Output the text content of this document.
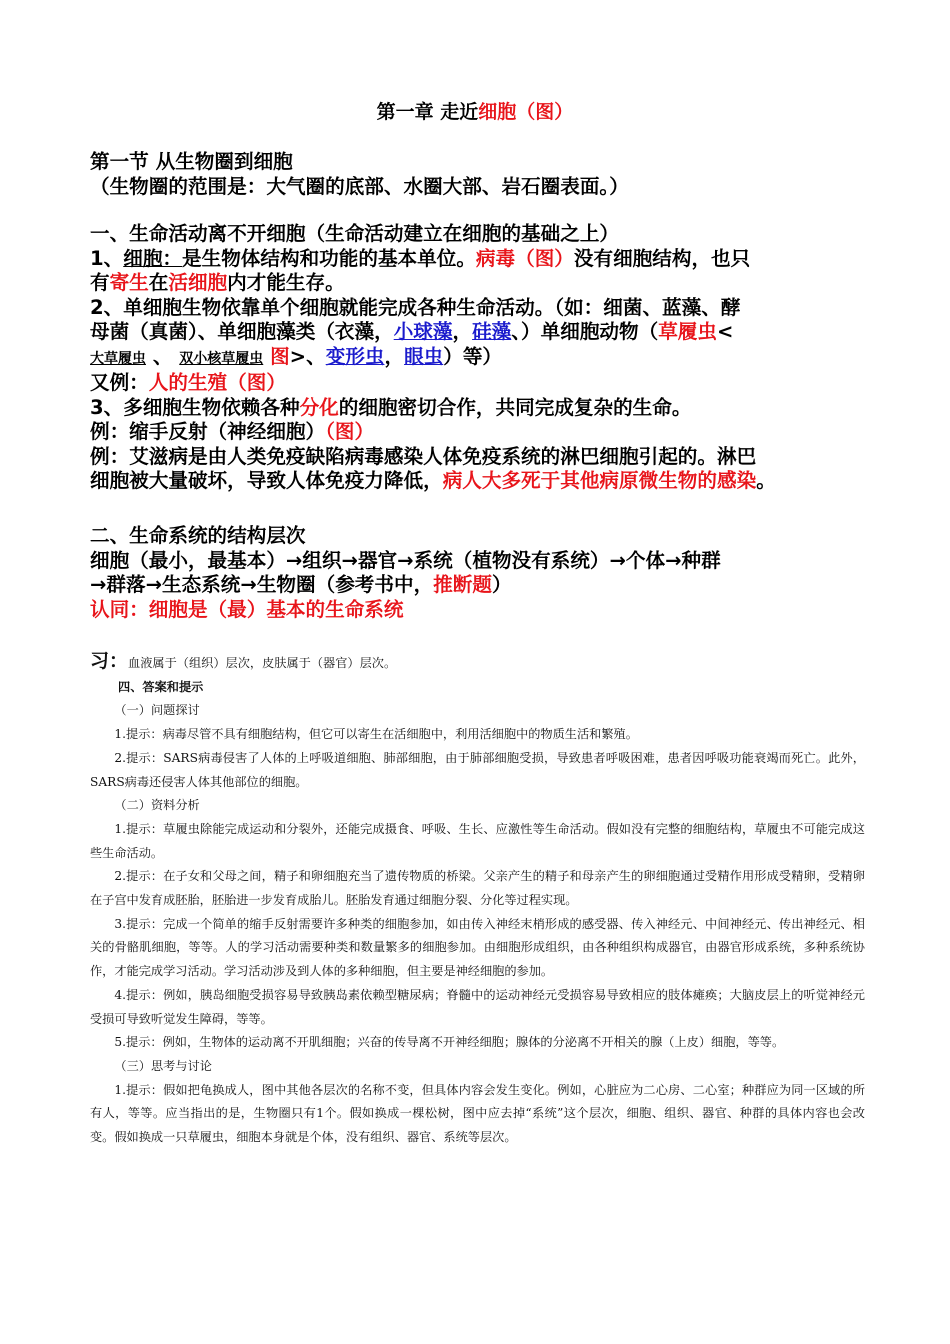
第一章 走近细胞（图）
第一节 从生物圈到细胞
（生物圈的范围是：大气圈的底部、水圈大部、岩石圈表面。）
一、生命活动离不开细胞（生命活动建立在细胞的基础之上）
1、细胞：是生物体结构和功能的基本单位。病毒（图）没有细胞结构，也只
有寄生在活细胞内才能生存。
2、单细胞生物依靠单个细胞就能完成各种生命活动。（如：细菌、蓝藻、酵
母菌（真菌）、单细胞藻类（衣藻，小球藻，硅藻、）单细胞动物（草履虫<
大草履虫 、 双小核草履虫 图>、变形虫，眼虫）等）
又例：人的生殖（图）
3、多细胞生物依赖各种分化的细胞密切合作，共同完成复杂的生命。
例：缩手反射（神经细胞）（图）
例：艾滋病是由人类免疫缺陷病毒感染人体免疫系统的淋巴细胞引起的。淋巴
细胞被大量破坏，导致人体免疫力降低，病人大多死于其他病原微生物的感染。
二、生命系统的结构层次
细胞（最小，最基本）→组织→器官→系统（植物没有系统）→个体→种群
→群落→生态系统→生物圈（参考书中，推断题）
认同：细胞是（最）基本的生命系统

习：血液属于（组织）层次，皮肤属于（器官）层次。

四、答案和提示

（一）问题探讨

1.提示：病毒尽管不具有细胞结构，但它可以寄生在活细胞中，利用活细胞中的物质生活和繁殖。

2.提示：SARS病毒侵害了人体的上呼吸道细胞、肺部细胞，由于肺部细胞受损，导致患者呼吸困难，患者因呼吸功能衰竭而死亡。此外，SARS病毒还侵害人体其他部位的细胞。

（二）资料分析

1.提示：草履虫除能完成运动和分裂外，还能完成摄食、呼吸、生长、应激性等生命活动。假如没有完整的细胞结构，草履虫不可能完成这些生命活动。

2.提示：在子女和父母之间，精子和卵细胞充当了遗传物质的桥梁。父亲产生的精子和母亲产生的卵细胞通过受精作用形成受精卵，受精卵在子宫中发育成胚胎，胚胎进一步发育成胎儿。胚胎发育通过细胞分裂、分化等过程实现。

3.提示：完成一个简单的缩手反射需要许多种类的细胞参加，如由传入神经末梢形成的感受器、传入神经元、中间神经元、传出神经元、相关的骨骼肌细胞，等等。人的学习活动需要种类和数量繁多的细胞参加。由细胞形成组织，由各种组织构成器官，由器官形成系统，多种系统协作，才能完成学习活动。学习活动涉及到人体的多种细胞，但主要是神经细胞的参加。

4.提示：例如，胰岛细胞受损容易导致胰岛素依赖型糖尿病；脊髓中的运动神经元受损容易导致相应的肢体瘫痪；大脑皮层上的听觉神经元受损可导致听觉发生障碍，等等。

5.提示：例如，生物体的运动离不开肌细胞；兴奋的传导离不开神经细胞；腺体的分泌离不开相关的腺（上皮）细胞，等等。

（三）思考与讨论

1.提示：假如把龟换成人，图中其他各层次的名称不变，但具体内容会发生变化。例如，心脏应为二心房、二心室；种群应为同一区域的所有人，等等。应当指出的是，生物圈只有1个。假如换成一棵松树，图中应去掉“系统”这个层次，细胞、组织、器官、种群的具体内容也会改变。假如换成一只草履虫，细胞本身就是个体，没有组织、器官、系统等层次。
